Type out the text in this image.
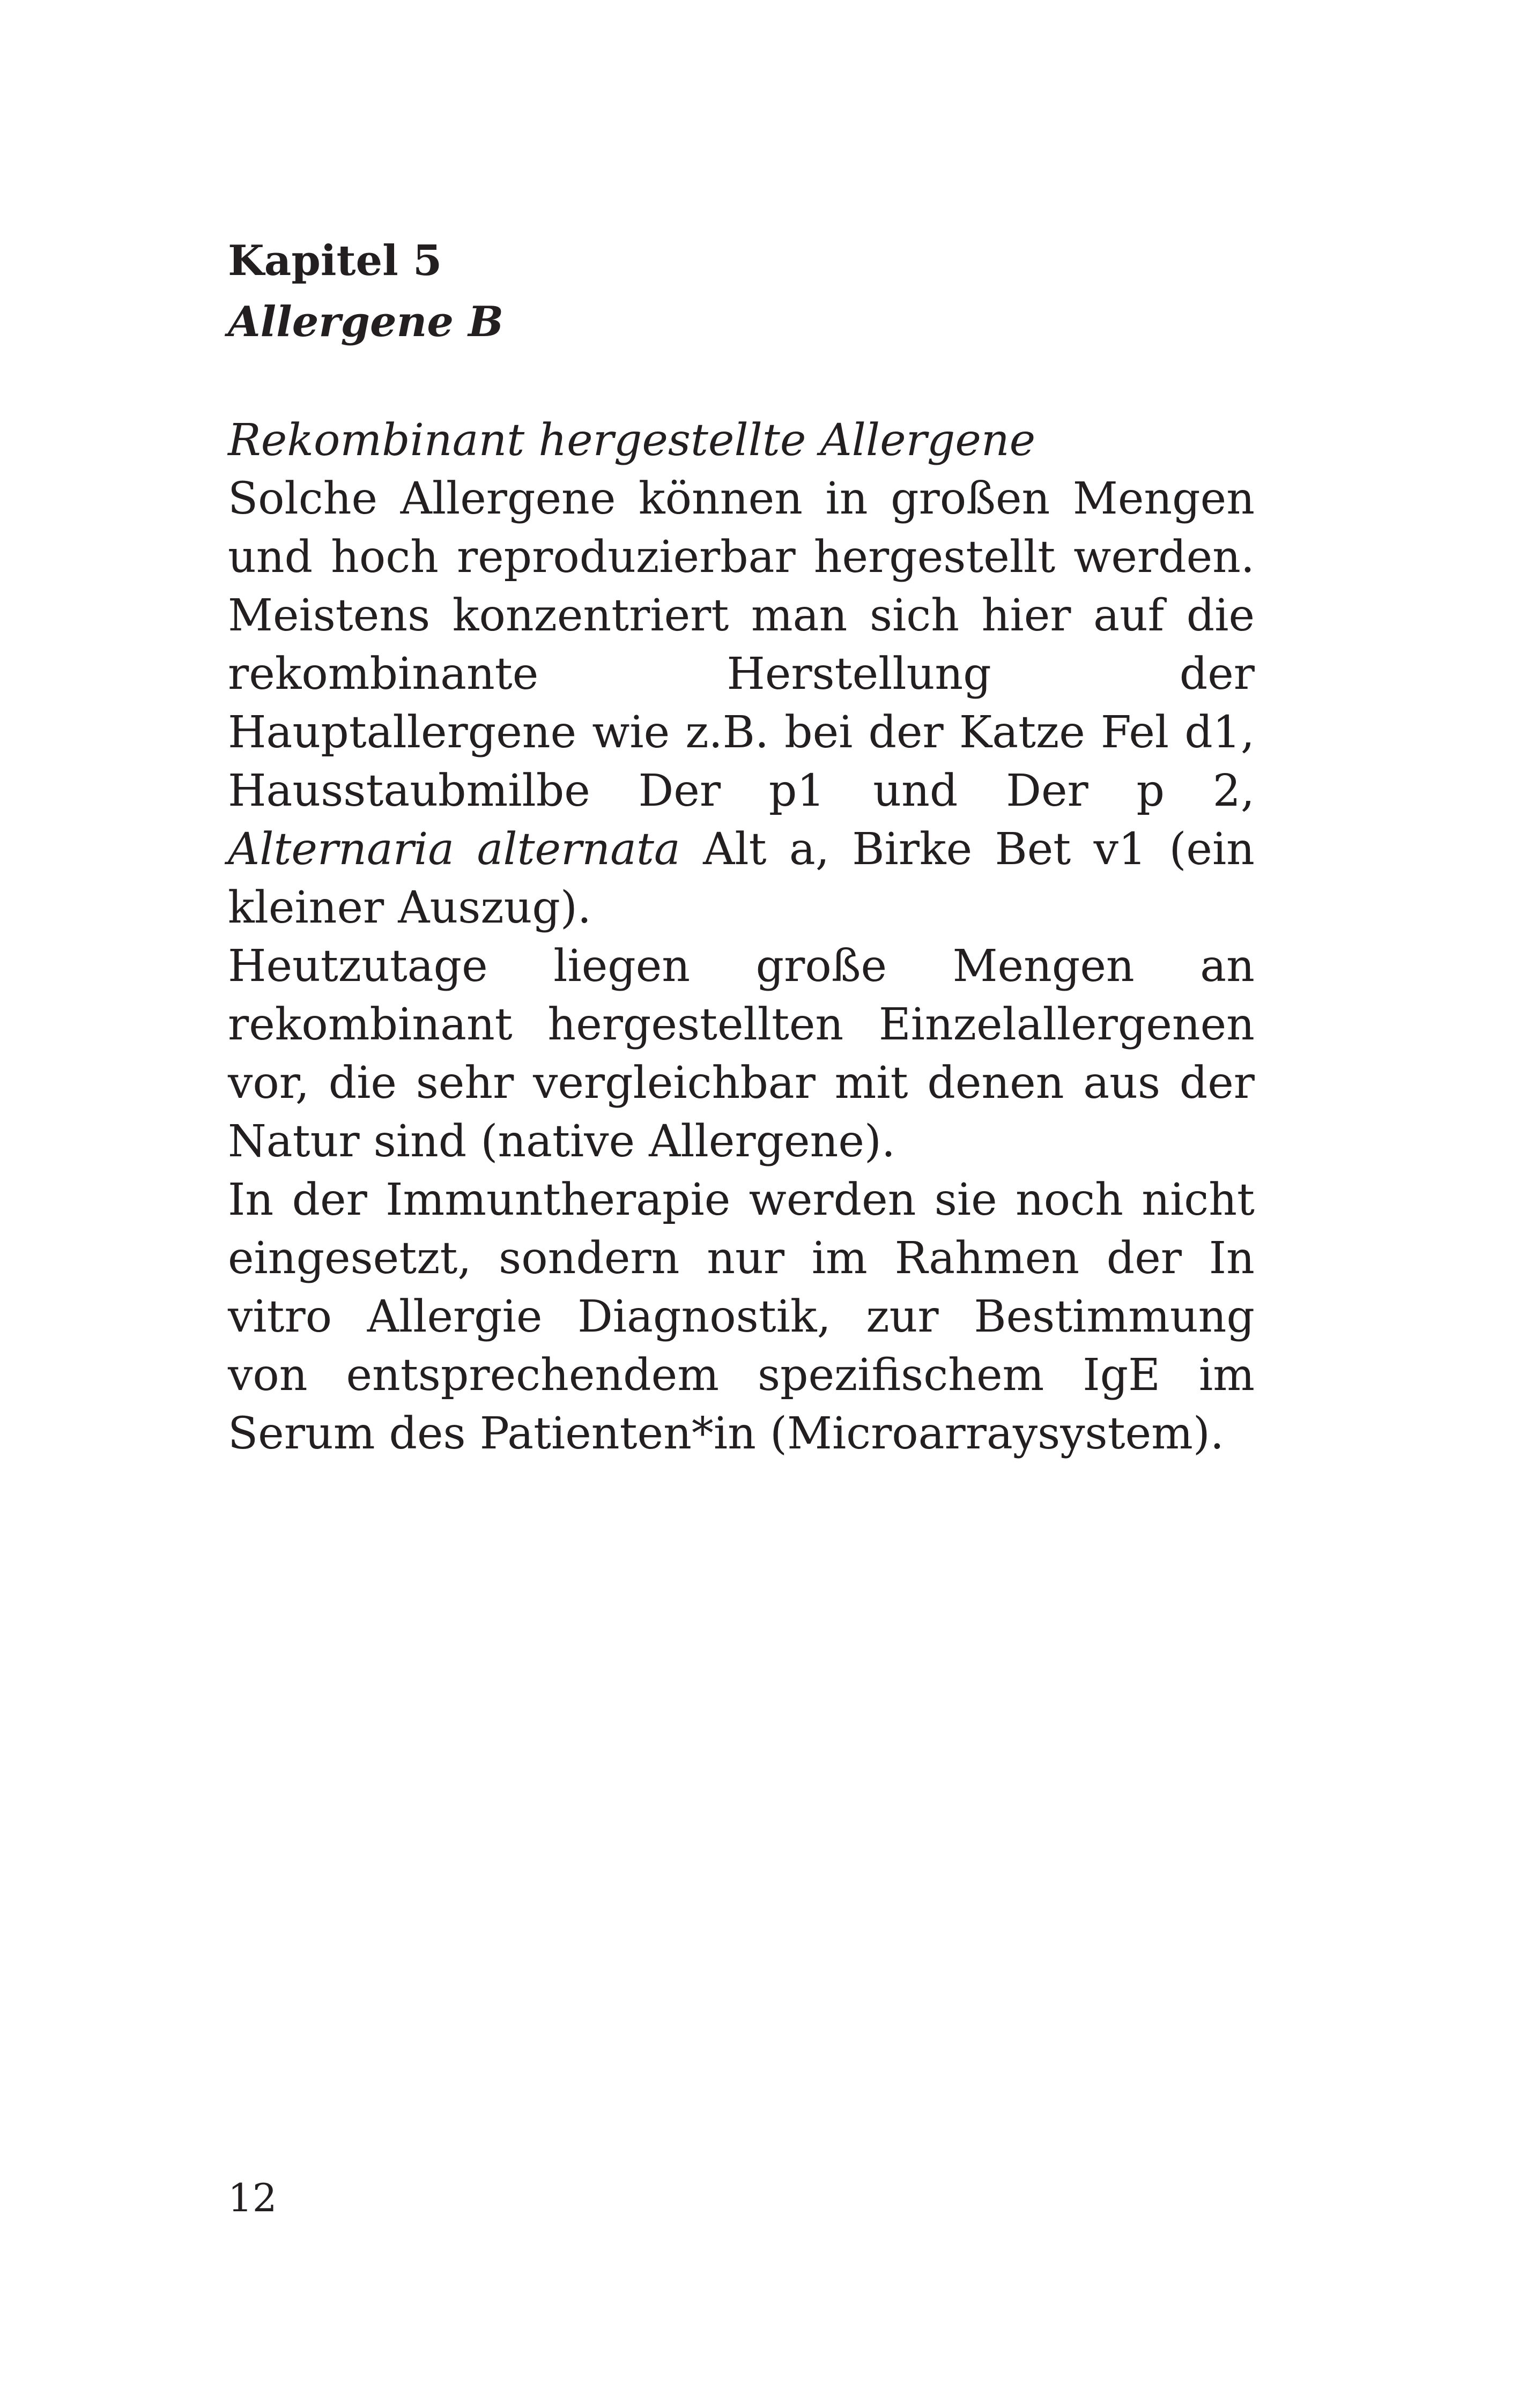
Kapitel 5

Allergene B

Rekombinant hergestellte Allergene

Solche Allergene können in großen Mengen und hoch reproduzierbar hergestellt werden. Meistens konzentriert man sich hier auf die rekombinante Herstellung der Hauptallergene wie z.B. bei der Katze Fel d1, Hausstaubmilbe Der p1 und Der p 2, Alternaria alternata Alt a, Birke Bet v1 (ein kleiner Auszug).

Heutzutage liegen große Mengen an rekombinant hergestellten Einzelallergenen vor, die sehr vergleichbar mit denen aus der Natur sind (native Allergene).

In der Immuntherapie werden sie noch nicht eingesetzt, sondern nur im Rahmen der In vitro Allergie Diagnostik, zur Bestimmung von entsprechendem spezifischem IgE im Serum des Patienten*in (Microarraysystem).

12
